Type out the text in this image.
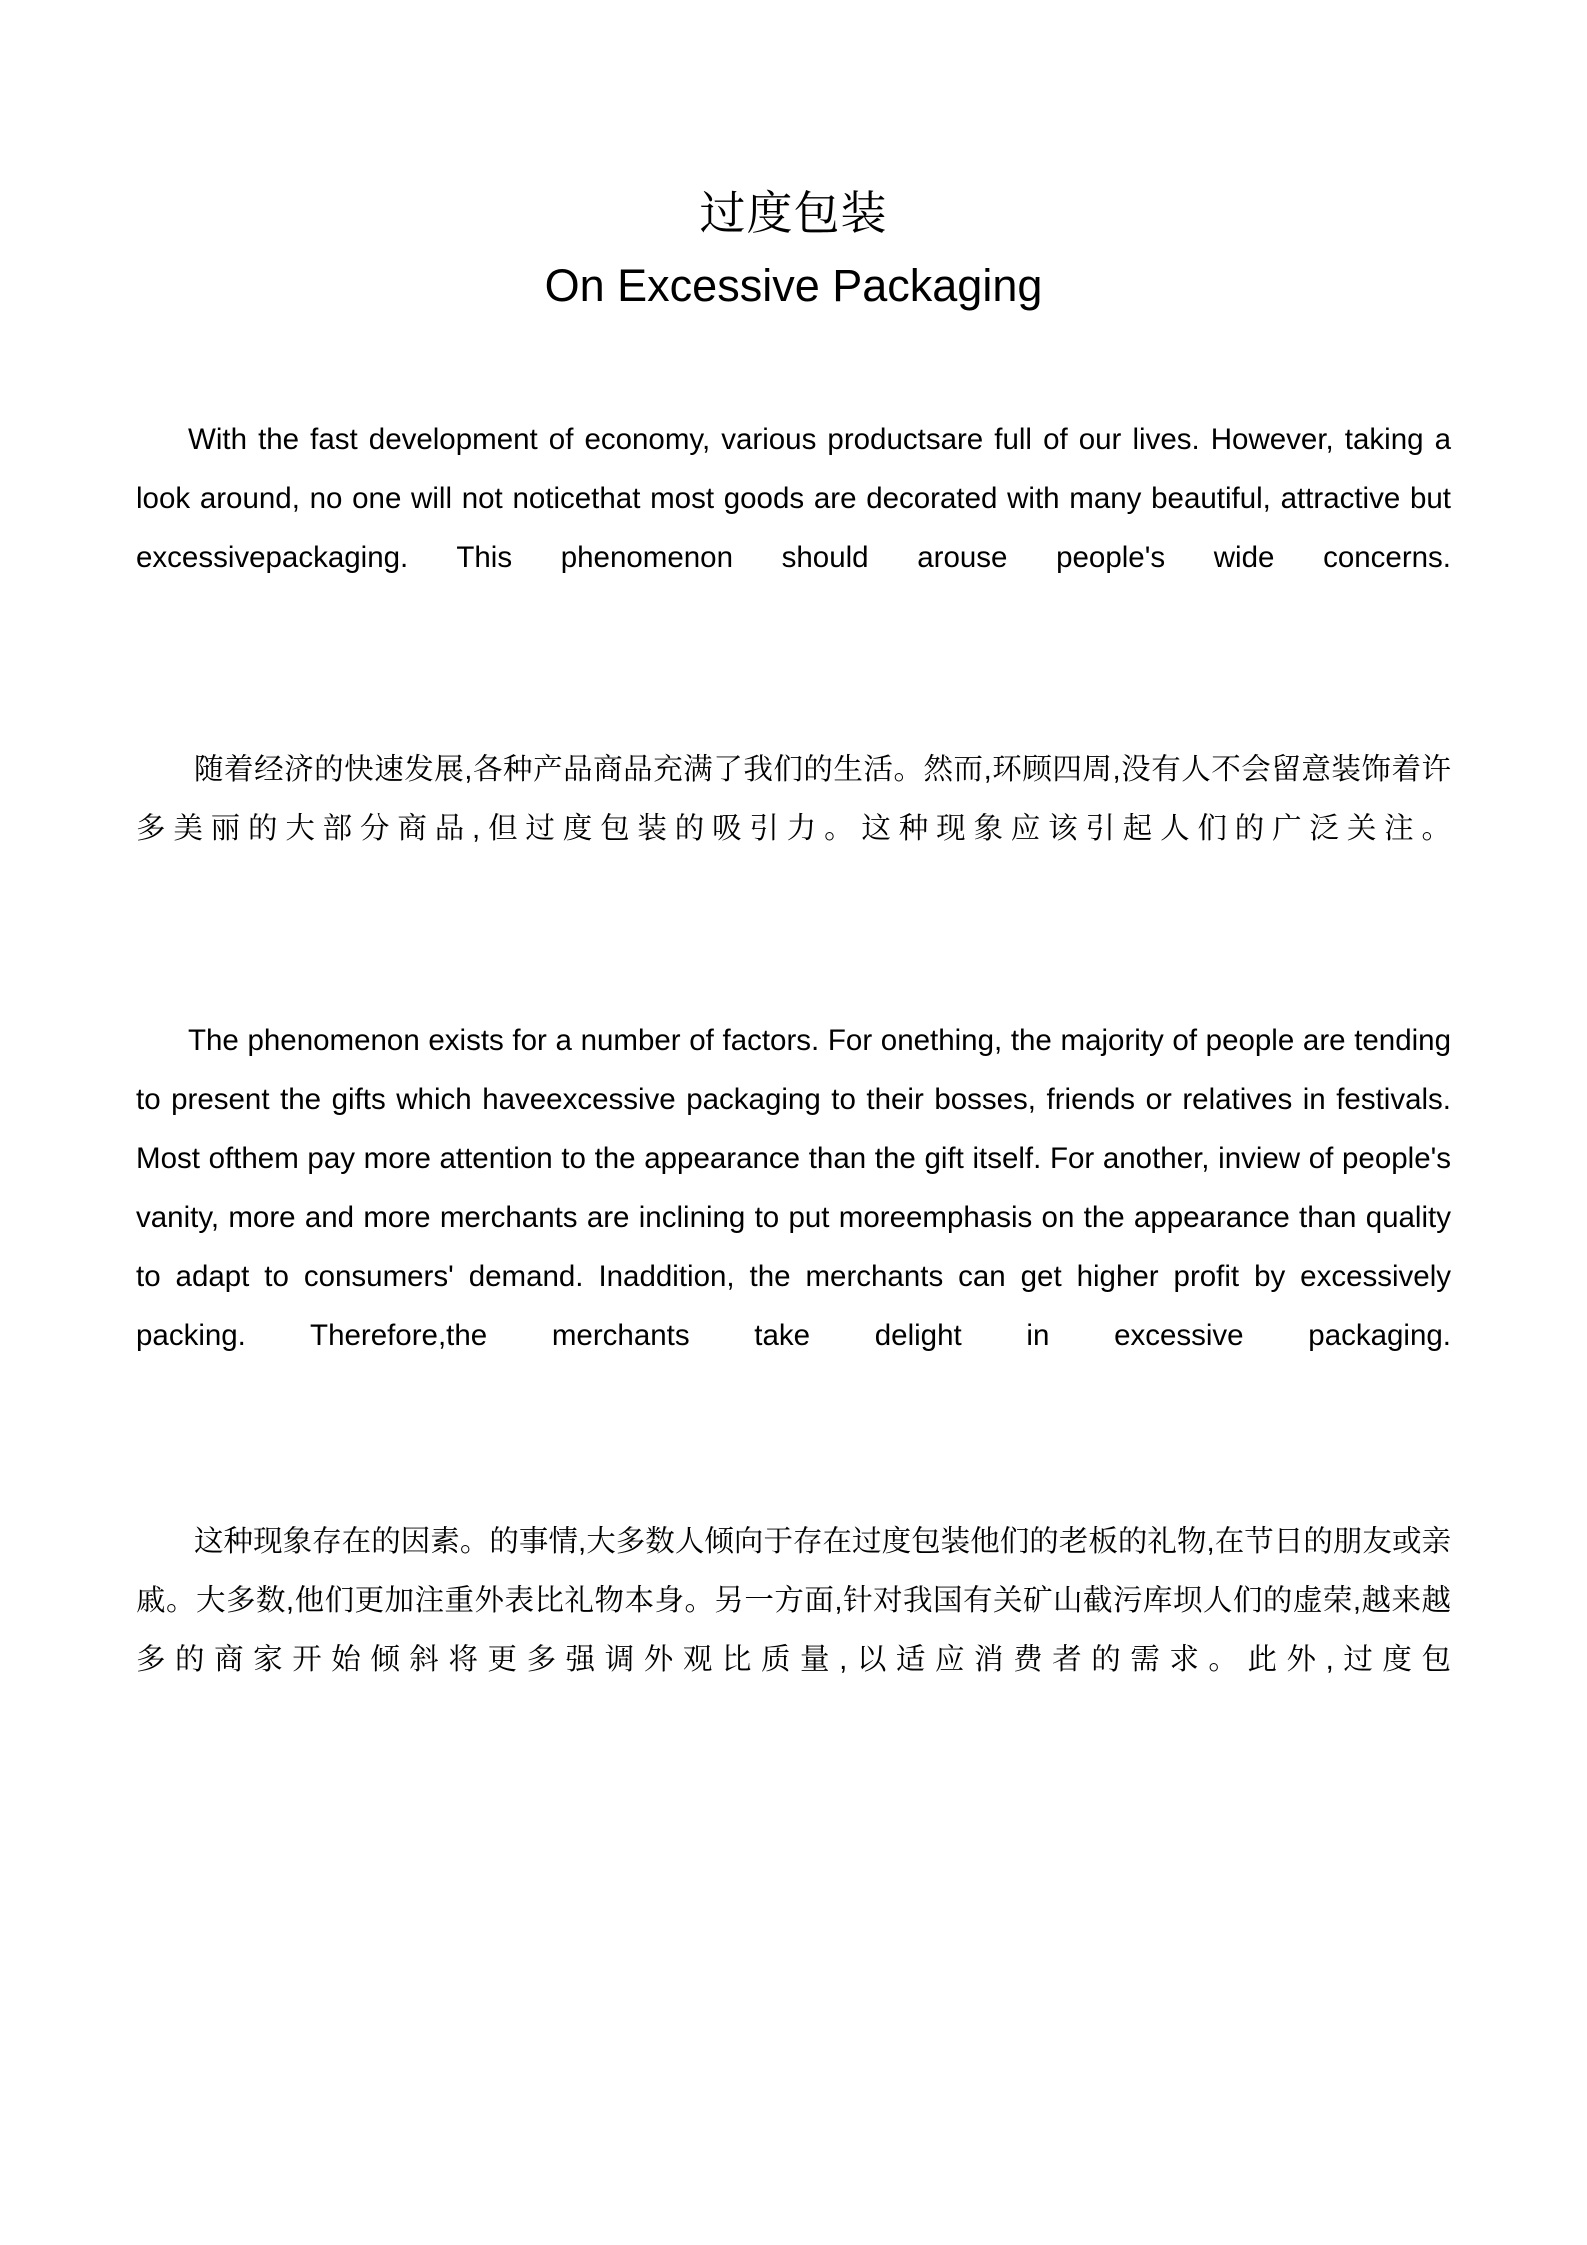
过度包装
On Excessive Packaging

With the fast development of economy, various productsare full of our lives. However, taking a look around, no one will not noticethat most goods are decorated with many beautiful, attractive but excessivepackaging. This phenomenon should arouse people's wide concerns.

随着经济的快速发展,各种产品商品充满了我们的生活。然而,环顾四周,没有人不会留意装饰着许多美丽的大部分商品,但过度包装的吸引力。这种现象应该引起人们的广泛关注。

The phenomenon exists for a number of factors. For onething, the majority of people are tending to present the gifts which haveexcessive packaging to their bosses, friends or relatives in festivals. Most ofthem pay more attention to the appearance than the gift itself. For another, inview of people's vanity, more and more merchants are inclining to put moreemphasis on the appearance than quality to adapt to consumers' demand. Inaddition, the merchants can get higher profit by excessively packing. Therefore,the merchants take delight in excessive packaging.

这种现象存在的因素。的事情,大多数人倾向于存在过度包装他们的老板的礼物,在节日的朋友或亲戚。大多数,他们更加注重外表比礼物本身。另一方面,针对我国有关矿山截污库坝人们的虚荣,越来越多的商家开始倾斜将更多强调外观比质量,以适应消费者的需求。此外,过度包
